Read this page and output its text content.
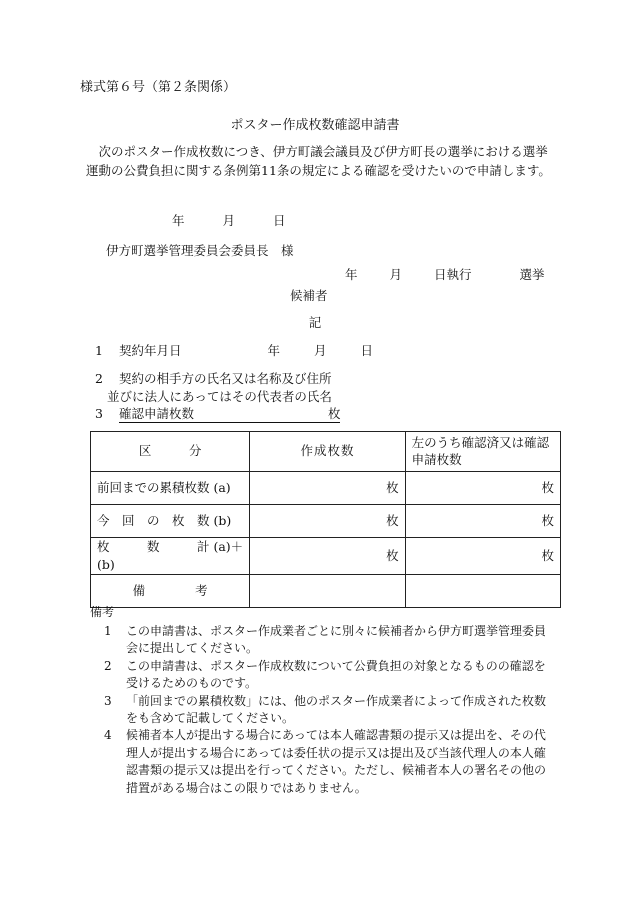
様式第６号（第２条関係）
ポスター作成枚数確認申請書
次のポスター作成枚数につき、伊方町議会議員及び伊方町長の選挙における選挙運動の公費負担に関する条例第11条の規定による確認を受けたいので申請します。
年	月	日
伊方町選挙管理委員会委員長　様
年	月	日執行	選挙
候補者
記
1 契約年月日	年	月	日
2 契約の相手方の氏名又は名称及び住所
並びに法人にあってはその代表者の氏名
3 確認申請枚数	枚
区　　　分	作成枚数	左のうち確認済又は確認申請枚数
前回までの累積枚数 (a)	枚	枚
今　回　の　枚　数 (b)	枚	枚
枚　　　数　　　計 (a)＋(b)	枚	枚
備　　　　考		
備考
1	この申請書は、ポスター作成業者ごとに別々に候補者から伊方町選挙管理委員会に提出してください。
2	この申請書は、ポスター作成枚数について公費負担の対象となるものの確認を受けるためのものです。
3	「前回までの累積枚数」には、他のポスター作成業者によって作成された枚数をも含めて記載してください。
4	候補者本人が提出する場合にあっては本人確認書類の提示又は提出を、その代理人が提出する場合にあっては委任状の提示又は提出及び当該代理人の本人確認書類の提示又は提出を行ってください。ただし、候補者本人の署名その他の措置がある場合はこの限りではありません。
